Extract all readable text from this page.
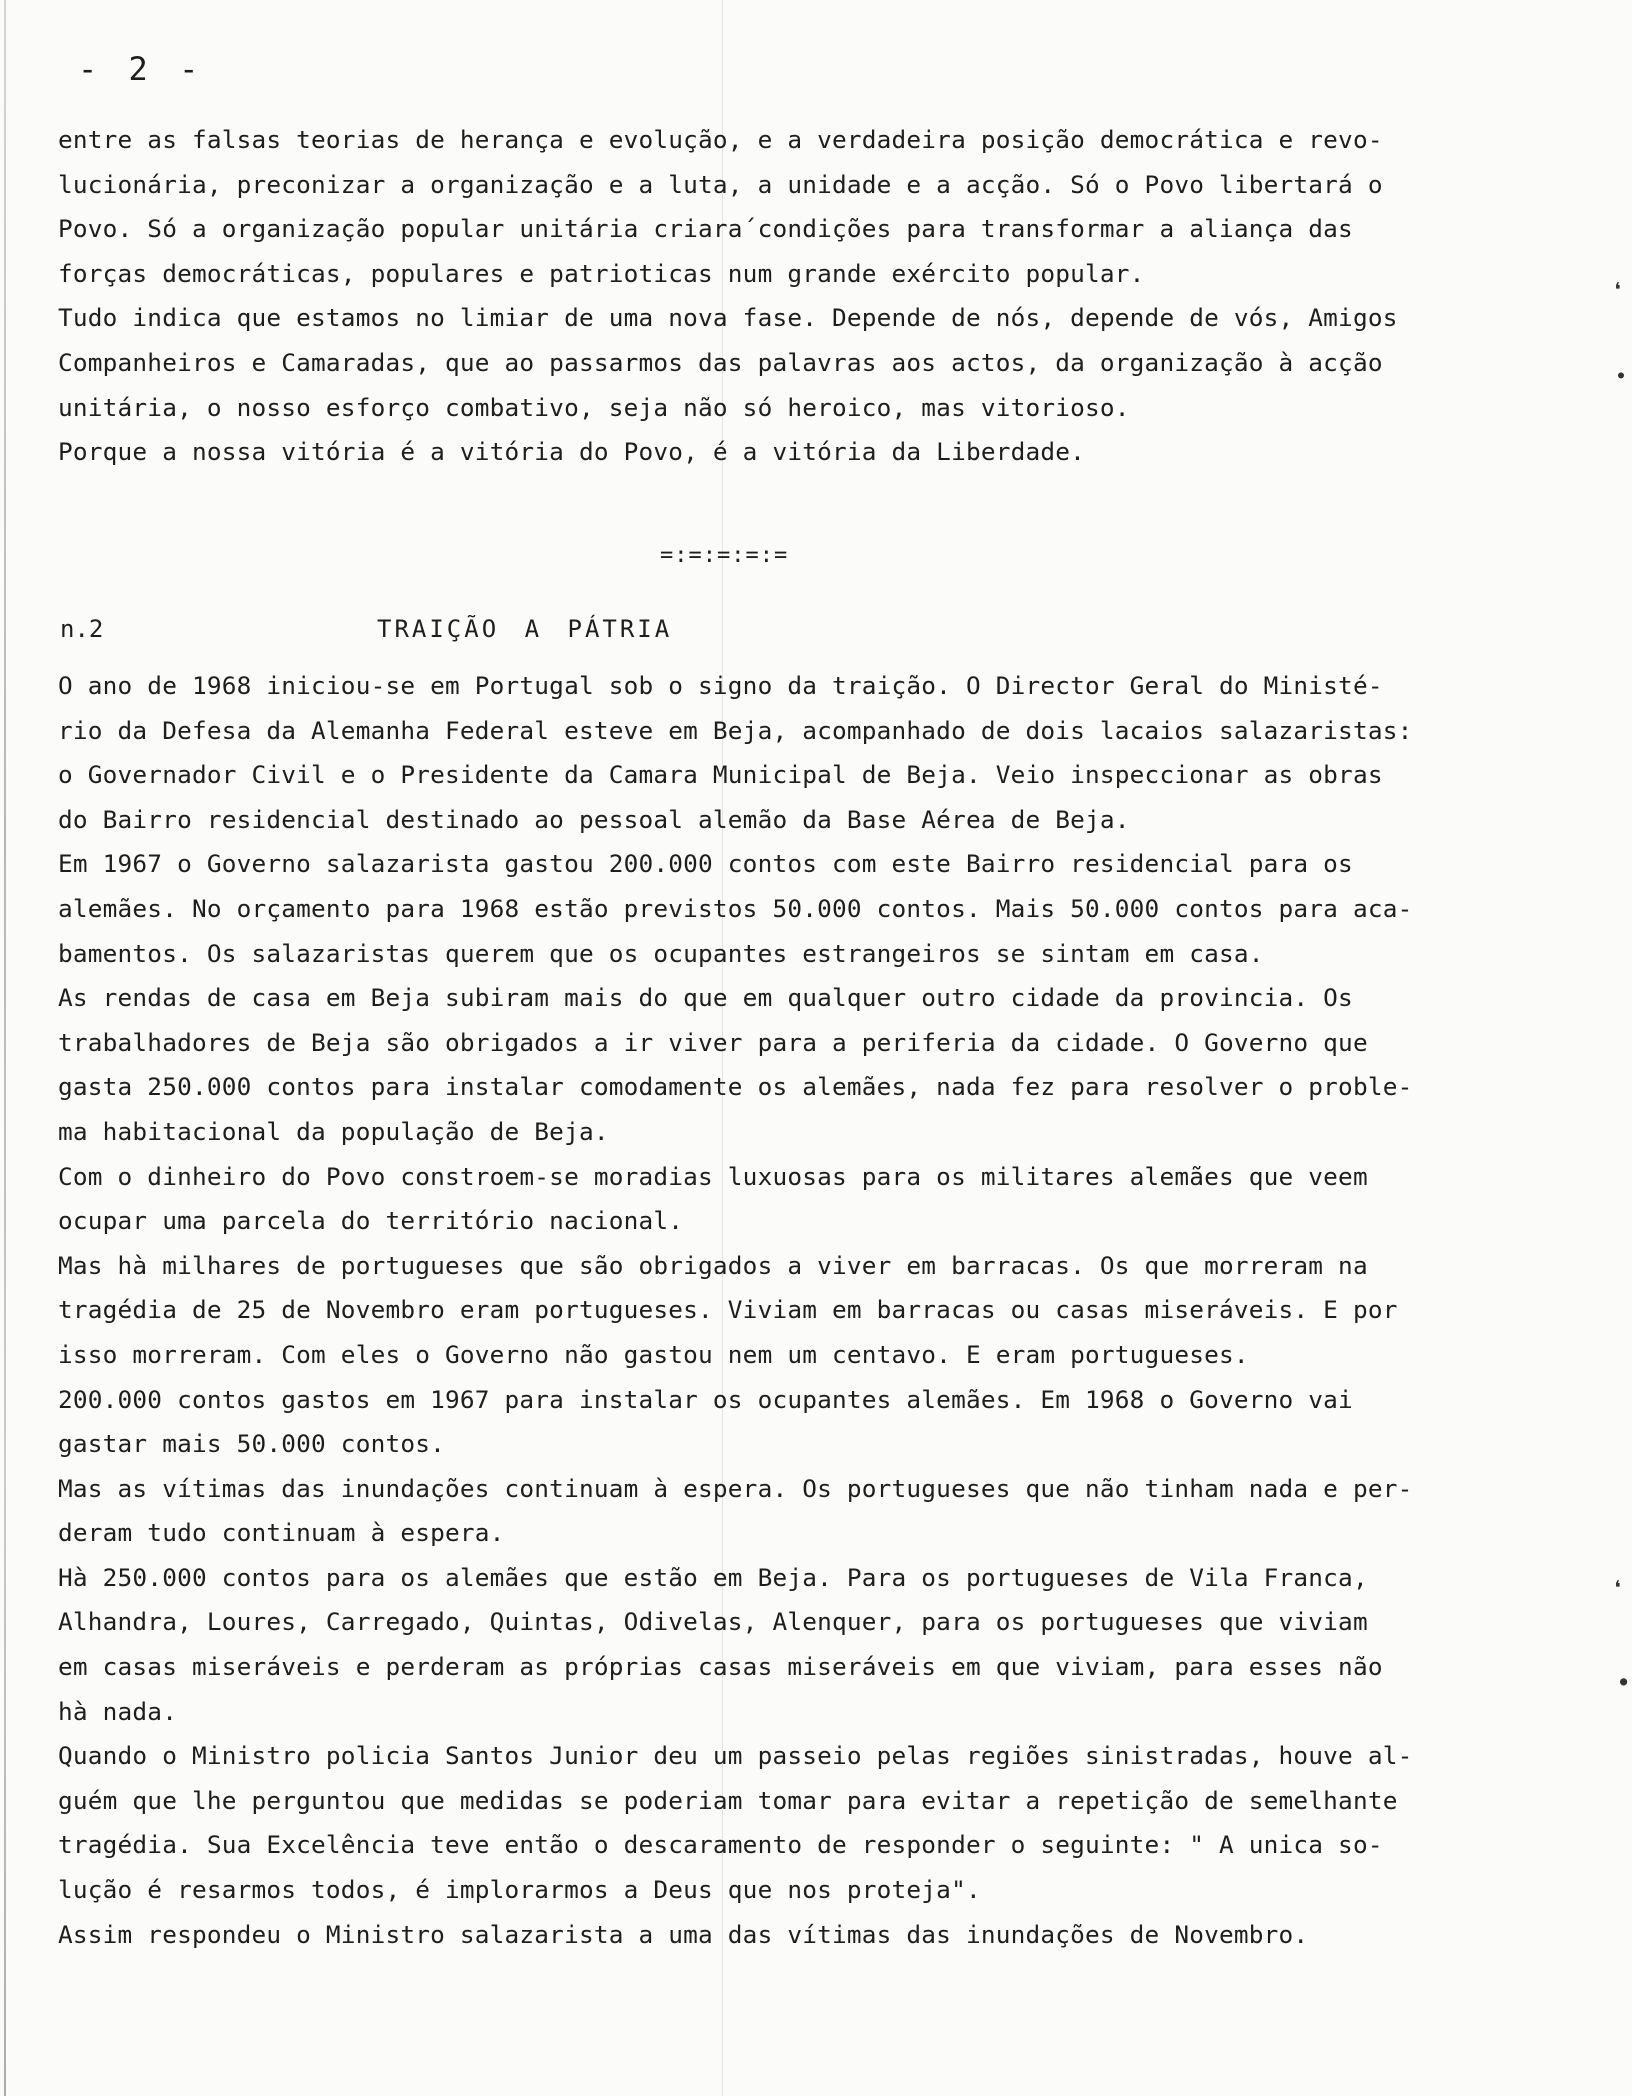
- 2 -
entre as falsas teorias de herança e evolução, e a verdadeira posição democrática e revo-
lucionária, preconizar a organização e a luta, a unidade e a acção. Só o Povo libertará o
Povo. Só a organização popular unitária criara´condições para transformar a aliança das
forças democráticas, populares e patrioticas num grande exército popular.
Tudo indica que estamos no limiar de uma nova fase. Depende de nós, depende de vós, Amigos
Companheiros e Camaradas, que ao passarmos das palavras aos actos, da organização à acção
unitária, o nosso esforço combativo, seja não só heroico, mas vitorioso.
Porque a nossa vitória é a vitória do Povo, é a vitória da Liberdade.
=:=:=:=:=
n.2	TRAIÇÃO A PÁTRIA
O ano de 1968 iniciou-se em Portugal sob o signo da traição. O Director Geral do Ministé-
rio da Defesa da Alemanha Federal esteve em Beja, acompanhado de dois lacaios salazaristas:
o Governador Civil e o Presidente da Camara Municipal de Beja. Veio inspeccionar as obras
do Bairro residencial destinado ao pessoal alemão da Base Aérea de Beja.
Em 1967 o Governo salazarista gastou 200.000 contos com este Bairro residencial para os
alemães. No orçamento para 1968 estão previstos 50.000 contos. Mais 50.000 contos para aca-
bamentos. Os salazaristas querem que os ocupantes estrangeiros se sintam em casa.
As rendas de casa em Beja subiram mais do que em qualquer outro cidade da provincia. Os
trabalhadores de Beja são obrigados a ir viver para a periferia da cidade. O Governo que
gasta 250.000 contos para instalar comodamente os alemães, nada fez para resolver o proble-
ma habitacional da população de Beja.
Com o dinheiro do Povo constroem-se moradias luxuosas para os militares alemães que veem
ocupar uma parcela do território nacional.
Mas hà milhares de portugueses que são obrigados a viver em barracas. Os que morreram na
tragédia de 25 de Novembro eram portugueses. Viviam em barracas ou casas miseráveis. E por
isso morreram. Com eles o Governo não gastou nem um centavo. E eram portugueses.
200.000 contos gastos em 1967 para instalar os ocupantes alemães. Em 1968 o Governo vai
gastar mais 50.000 contos.
Mas as vítimas das inundações continuam à espera. Os portugueses que não tinham nada e per-
deram tudo continuam à espera.
Hà 250.000 contos para os alemães que estão em Beja. Para os portugueses de Vila Franca,
Alhandra, Loures, Carregado, Quintas, Odivelas, Alenquer, para os portugueses que viviam
em casas miseráveis e perderam as próprias casas miseráveis em que viviam, para esses não
hà nada.
Quando o Ministro policia Santos Junior deu um passeio pelas regiões sinistradas, houve al-
guém que lhe perguntou que medidas se poderiam tomar para evitar a repetição de semelhante
tragédia. Sua Excelência teve então o descaramento de responder o seguinte: " A unica so-
lução é resarmos todos, é implorarmos a Deus que nos proteja".
Assim respondeu o Ministro salazarista a uma das vítimas das inundações de Novembro.
❛
●
❛
●
